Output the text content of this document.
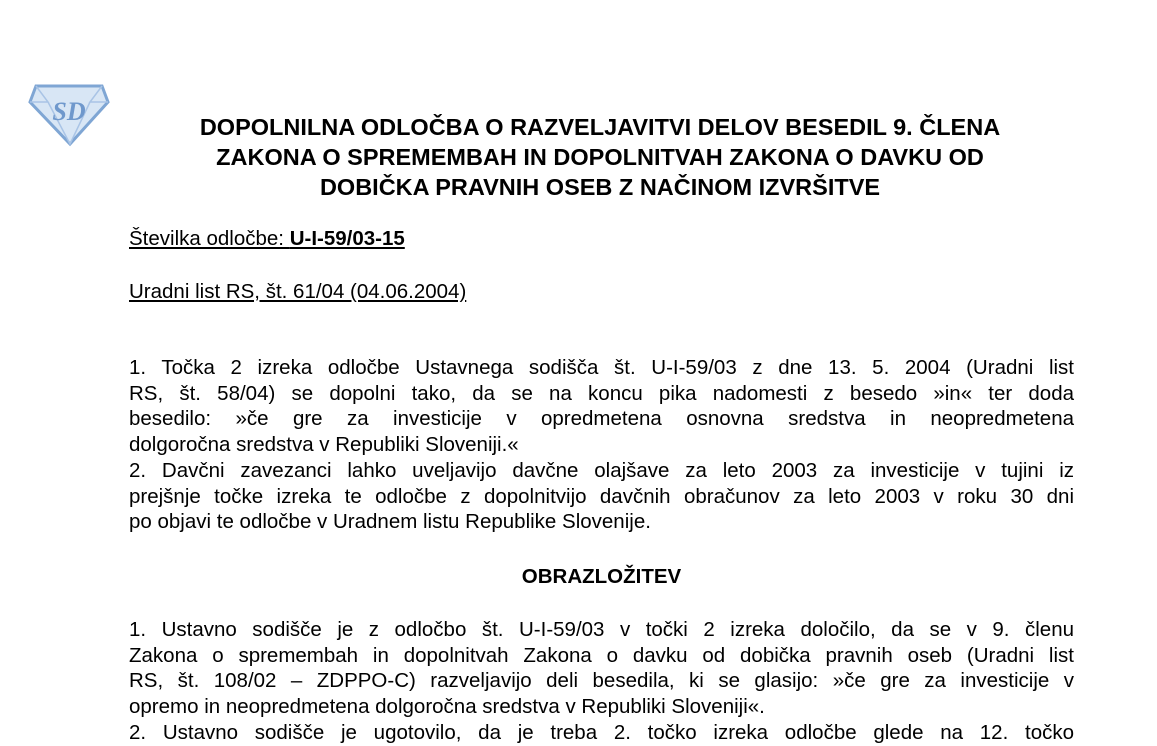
SD
DOPOLNILNA ODLOČBA O RAZVELJAVITVI DELOV BESEDIL 9. ČLENA
ZAKONA O SPREMEMBAH IN DOPOLNITVAH ZAKONA O DAVKU OD
DOBIČKA PRAVNIH OSEB Z NAČINOM IZVRŠITVE
Številka odločbe: U-I-59/03-15
Uradni list RS, št. 61/04 (04.06.2004)
1. Točka 2 izreka odločbe Ustavnega sodišča št. U-I-59/03 z dne 13. 5. 2004 (Uradni list
RS, št. 58/04) se dopolni tako, da se na koncu pika nadomesti z besedo »in« ter doda
besedilo: »če gre za investicije v opredmetena osnovna sredstva in neopredmetena
dolgoročna sredstva v Republiki Sloveniji.«
2. Davčni zavezanci lahko uveljavijo davčne olajšave za leto 2003 za investicije v tujini iz
prejšnje točke izreka te odločbe z dopolnitvijo davčnih obračunov za leto 2003 v roku 30 dni
po objavi te odločbe v Uradnem listu Republike Slovenije.
OBRAZLOŽITEV
1. Ustavno sodišče je z odločbo št. U-I-59/03 v točki 2 izreka določilo, da se v 9. členu
Zakona o spremembah in dopolnitvah Zakona o davku od dobička pravnih oseb (Uradni list
RS, št. 108/02 – ZDPPO-C) razveljavijo deli besedila, ki se glasijo: »če gre za investicije v
opremo in neopredmetena dolgoročna sredstva v Republiki Sloveniji«.
2. Ustavno sodišče je ugotovilo, da je treba 2. točko izreka odločbe glede na 12. točko
